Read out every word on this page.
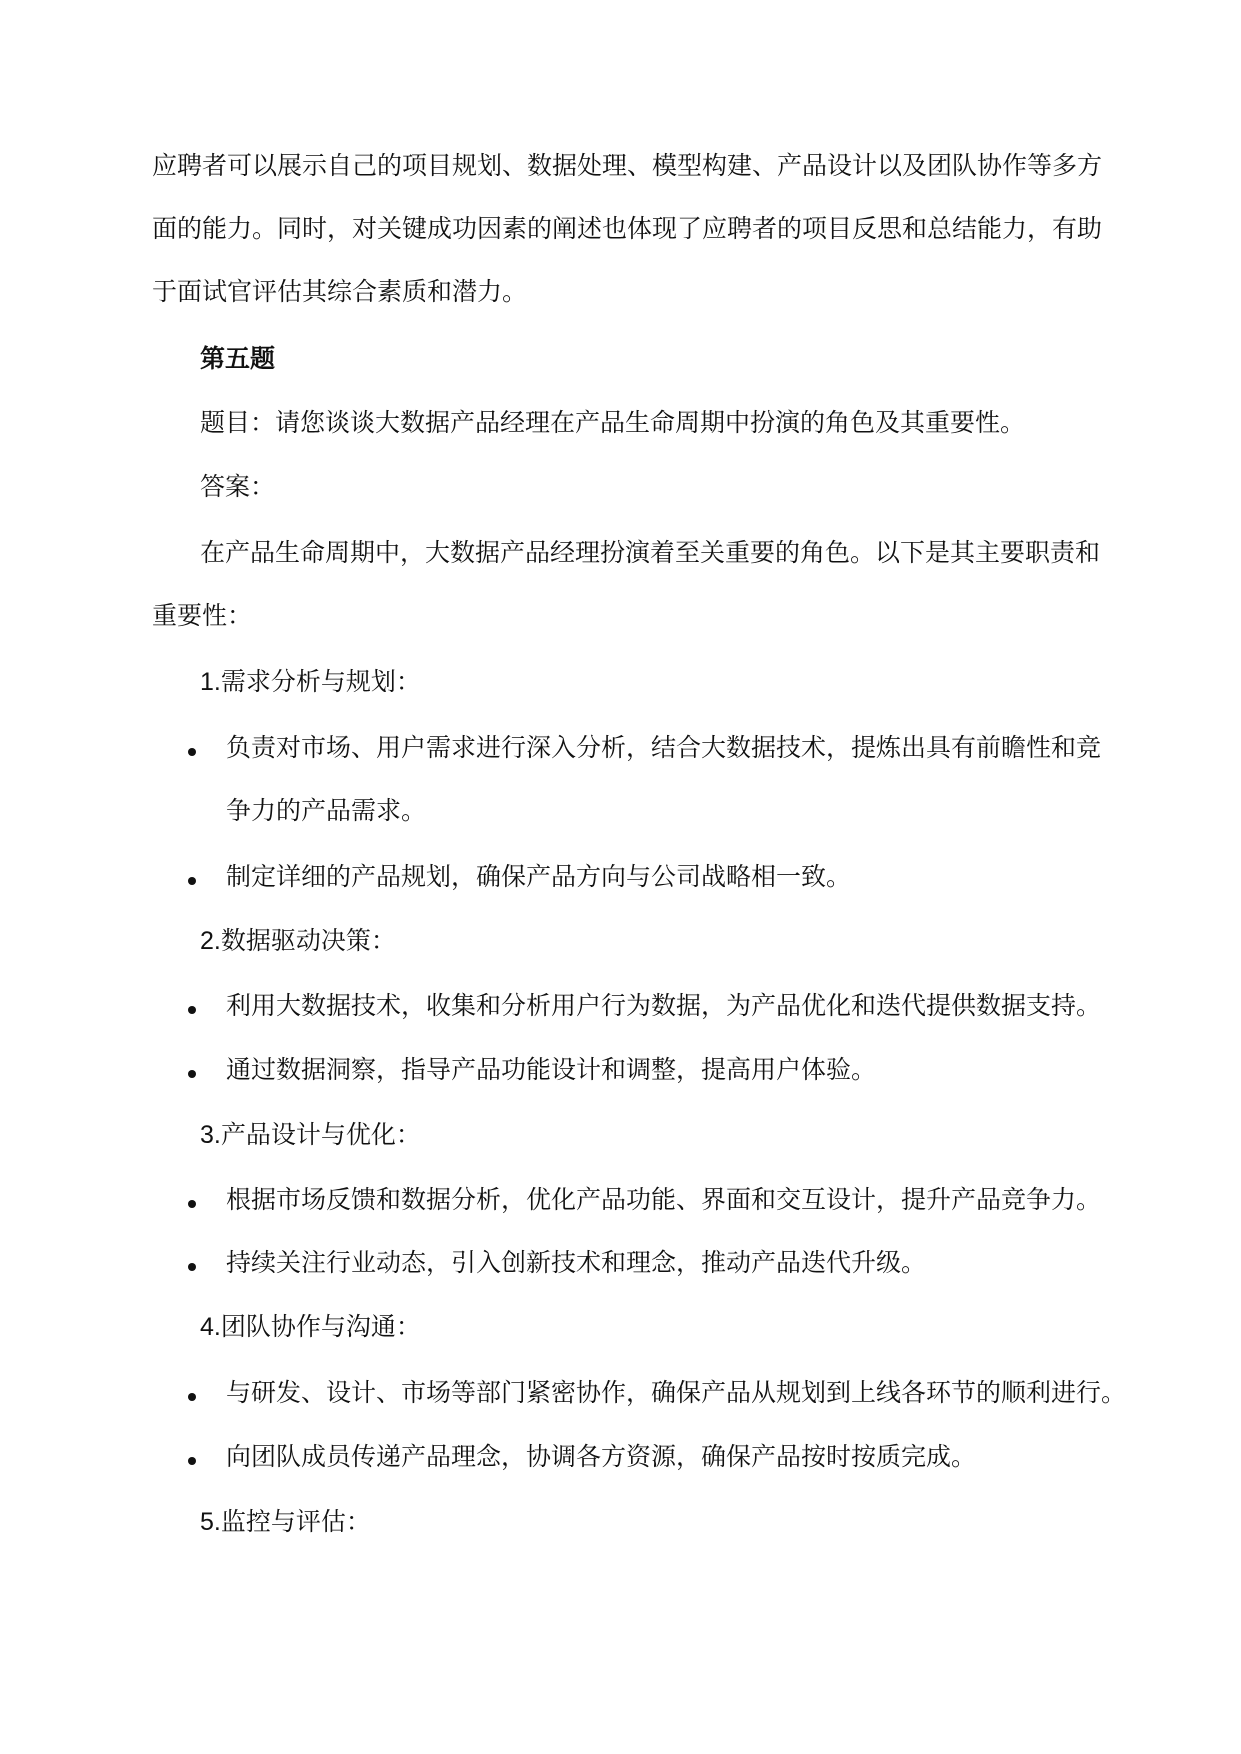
应聘者可以展示自己的项目规划、数据处理、模型构建、产品设计以及团队协作等多方
面的能力。同时，对关键成功因素的阐述也体现了应聘者的项目反思和总结能力，有助
于面试官评估其综合素质和潜力。
第五题
题目：请您谈谈大数据产品经理在产品生命周期中扮演的角色及其重要性。
答案：
在产品生命周期中，大数据产品经理扮演着至关重要的角色。以下是其主要职责和
重要性：
1.需求分析与规划：
负责对市场、用户需求进行深入分析，结合大数据技术，提炼出具有前瞻性和竞
争力的产品需求。
制定详细的产品规划，确保产品方向与公司战略相一致。
2.数据驱动决策：
利用大数据技术，收集和分析用户行为数据，为产品优化和迭代提供数据支持。
通过数据洞察，指导产品功能设计和调整，提高用户体验。
3.产品设计与优化：
根据市场反馈和数据分析，优化产品功能、界面和交互设计，提升产品竞争力。
持续关注行业动态，引入创新技术和理念，推动产品迭代升级。
4.团队协作与沟通：
与研发、设计、市场等部门紧密协作，确保产品从规划到上线各环节的顺利进行。
向团队成员传递产品理念，协调各方资源，确保产品按时按质完成。
5.监控与评估：
